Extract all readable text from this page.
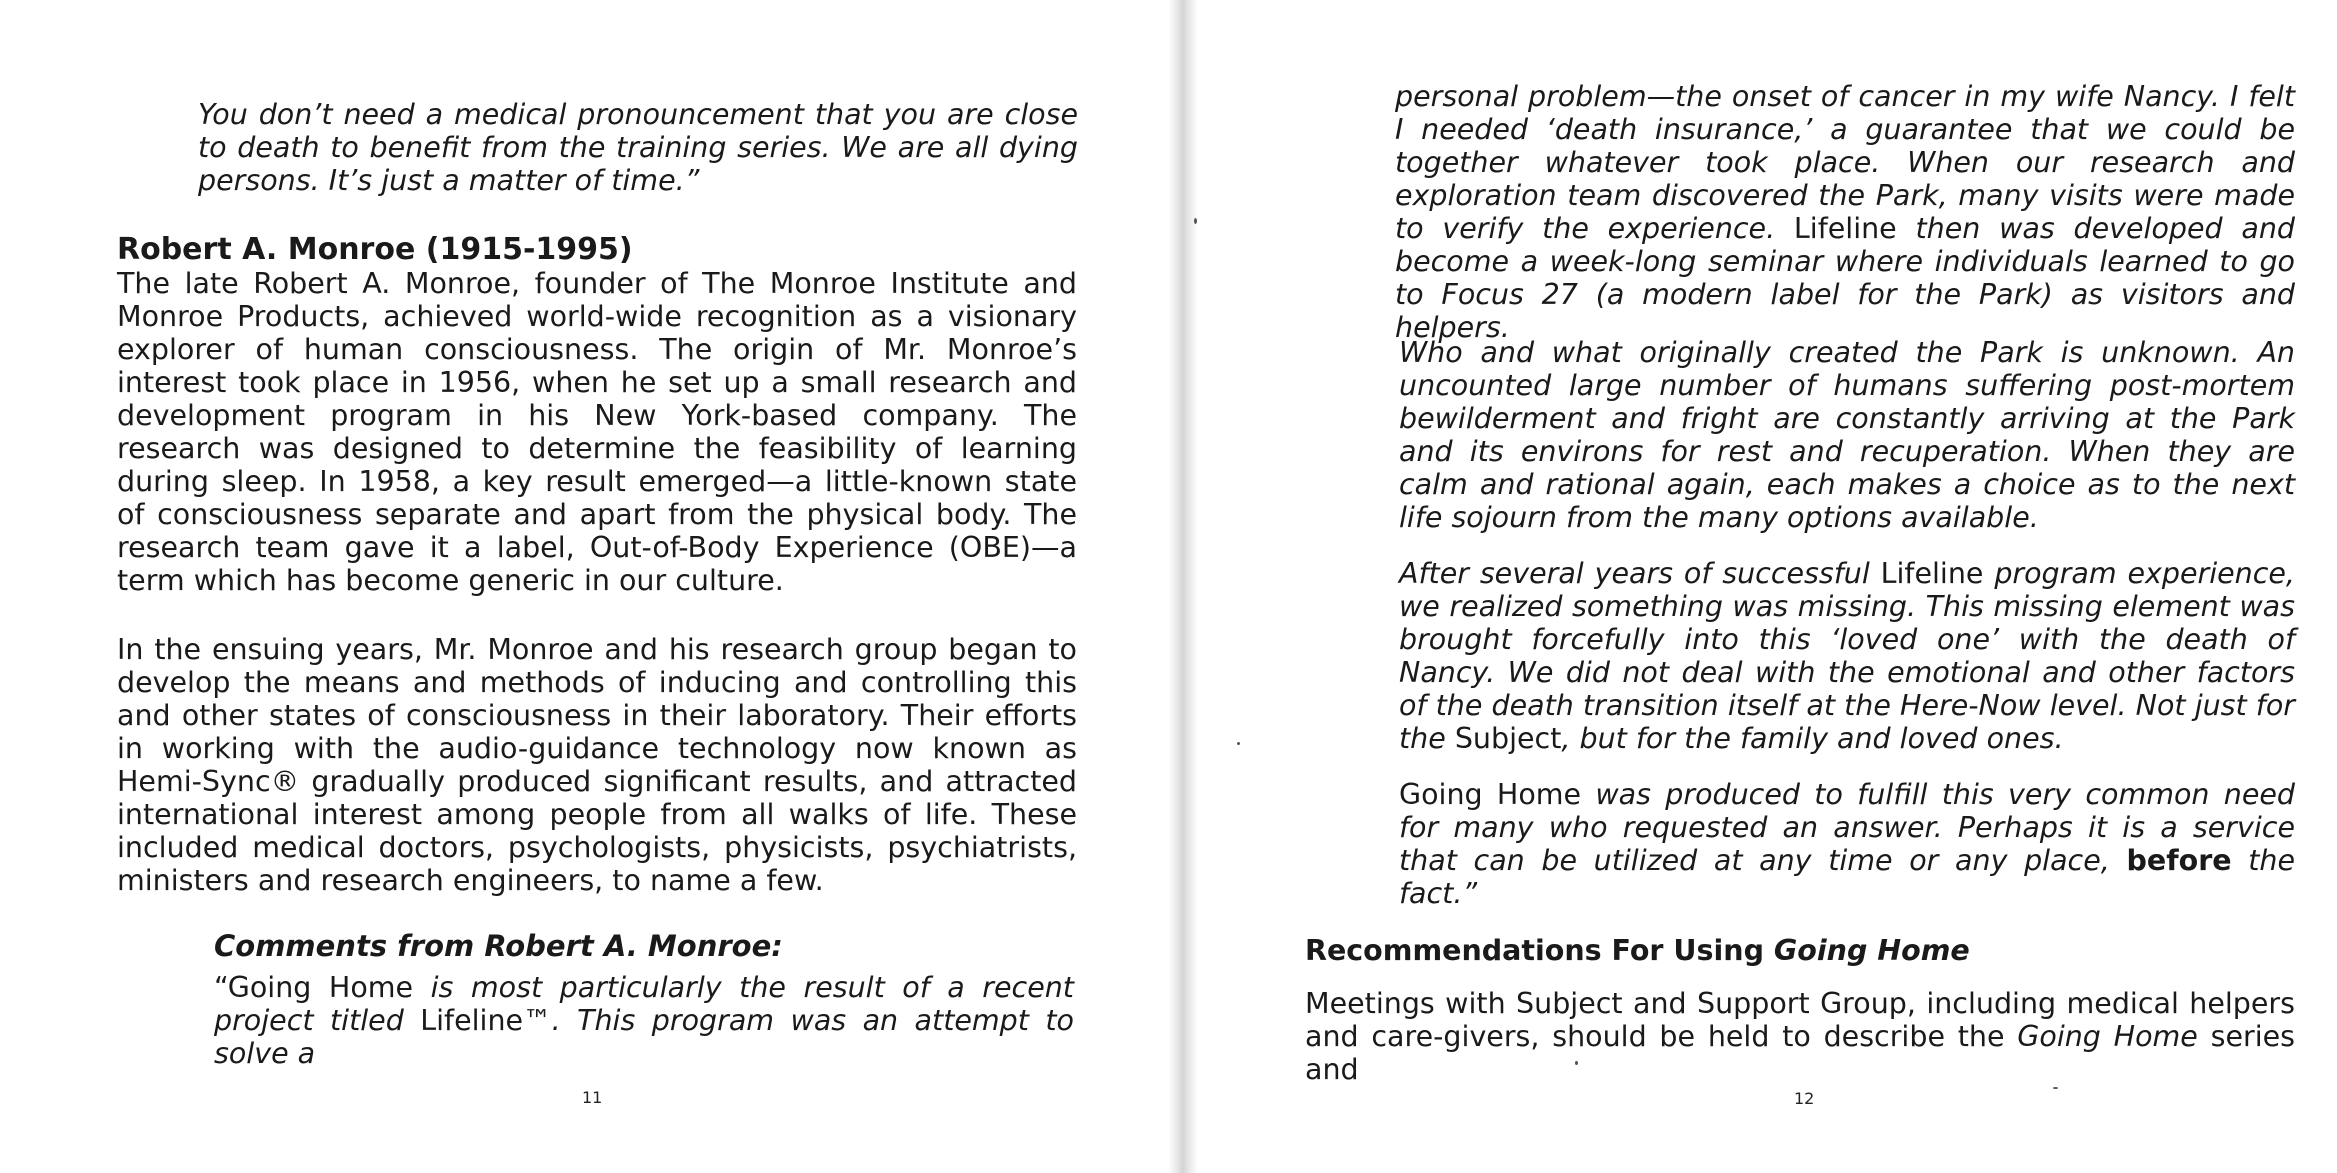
You don’t need a medical pronouncement that you are close to death to benefit from the training series. We are all dying persons. It’s just a matter of time.”

Robert A. Monroe (1915-1995)

The late Robert A. Monroe, founder of The Monroe Institute and Monroe Products, achieved world-wide recognition as a visionary explorer of human consciousness. The origin of Mr. Monroe’s interest took place in 1956, when he set up a small research and development program in his New York-based company. The research was designed to determine the feasibility of learning during sleep. In 1958, a key result emerged—a little-known state of consciousness separate and apart from the physical body. The research team gave it a label, Out-of-Body Experience (OBE)—a term which has become generic in our culture.

In the ensuing years, Mr. Monroe and his research group began to develop the means and methods of inducing and controlling this and other states of consciousness in their laboratory. Their efforts in working with the audio-guidance technology now known as Hemi-Sync® gradually produced significant results, and attracted international interest among people from all walks of life. These included medical doctors, psychologists, physicists, psychiatrists, ministers and research engineers, to name a few.

Comments from Robert A. Monroe:

“Going Home is most particularly the result of a recent project titled Lifeline™. This program was an attempt to solve a

11

personal problem—the onset of cancer in my wife Nancy. I felt I needed ‘death insurance,’ a guarantee that we could be together whatever took place. When our research and exploration team discovered the Park, many visits were made to verify the experience. Lifeline then was developed and become a week-long seminar where individuals learned to go to Focus 27 (a modern label for the Park) as visitors and helpers.

Who and what originally created the Park is unknown. An uncounted large number of humans suffering post-mortem bewilderment and fright are constantly arriving at the Park and its environs for rest and recuperation. When they are calm and rational again, each makes a choice as to the next life sojourn from the many options available.

After several years of successful Lifeline program experience, we realized something was missing. This missing element was brought forcefully into this ‘loved one’ with the death of Nancy. We did not deal with the emotional and other factors of the death transition itself at the Here-Now level. Not just for the Subject, but for the family and loved ones.

Going Home was produced to fulfill this very common need for many who requested an answer. Perhaps it is a service that can be utilized at any time or any place, before the fact.”

Recommendations For Using Going Home

Meetings with Subject and Support Group, including medical helpers and care-givers, should be held to describe the Going Home series and

12
